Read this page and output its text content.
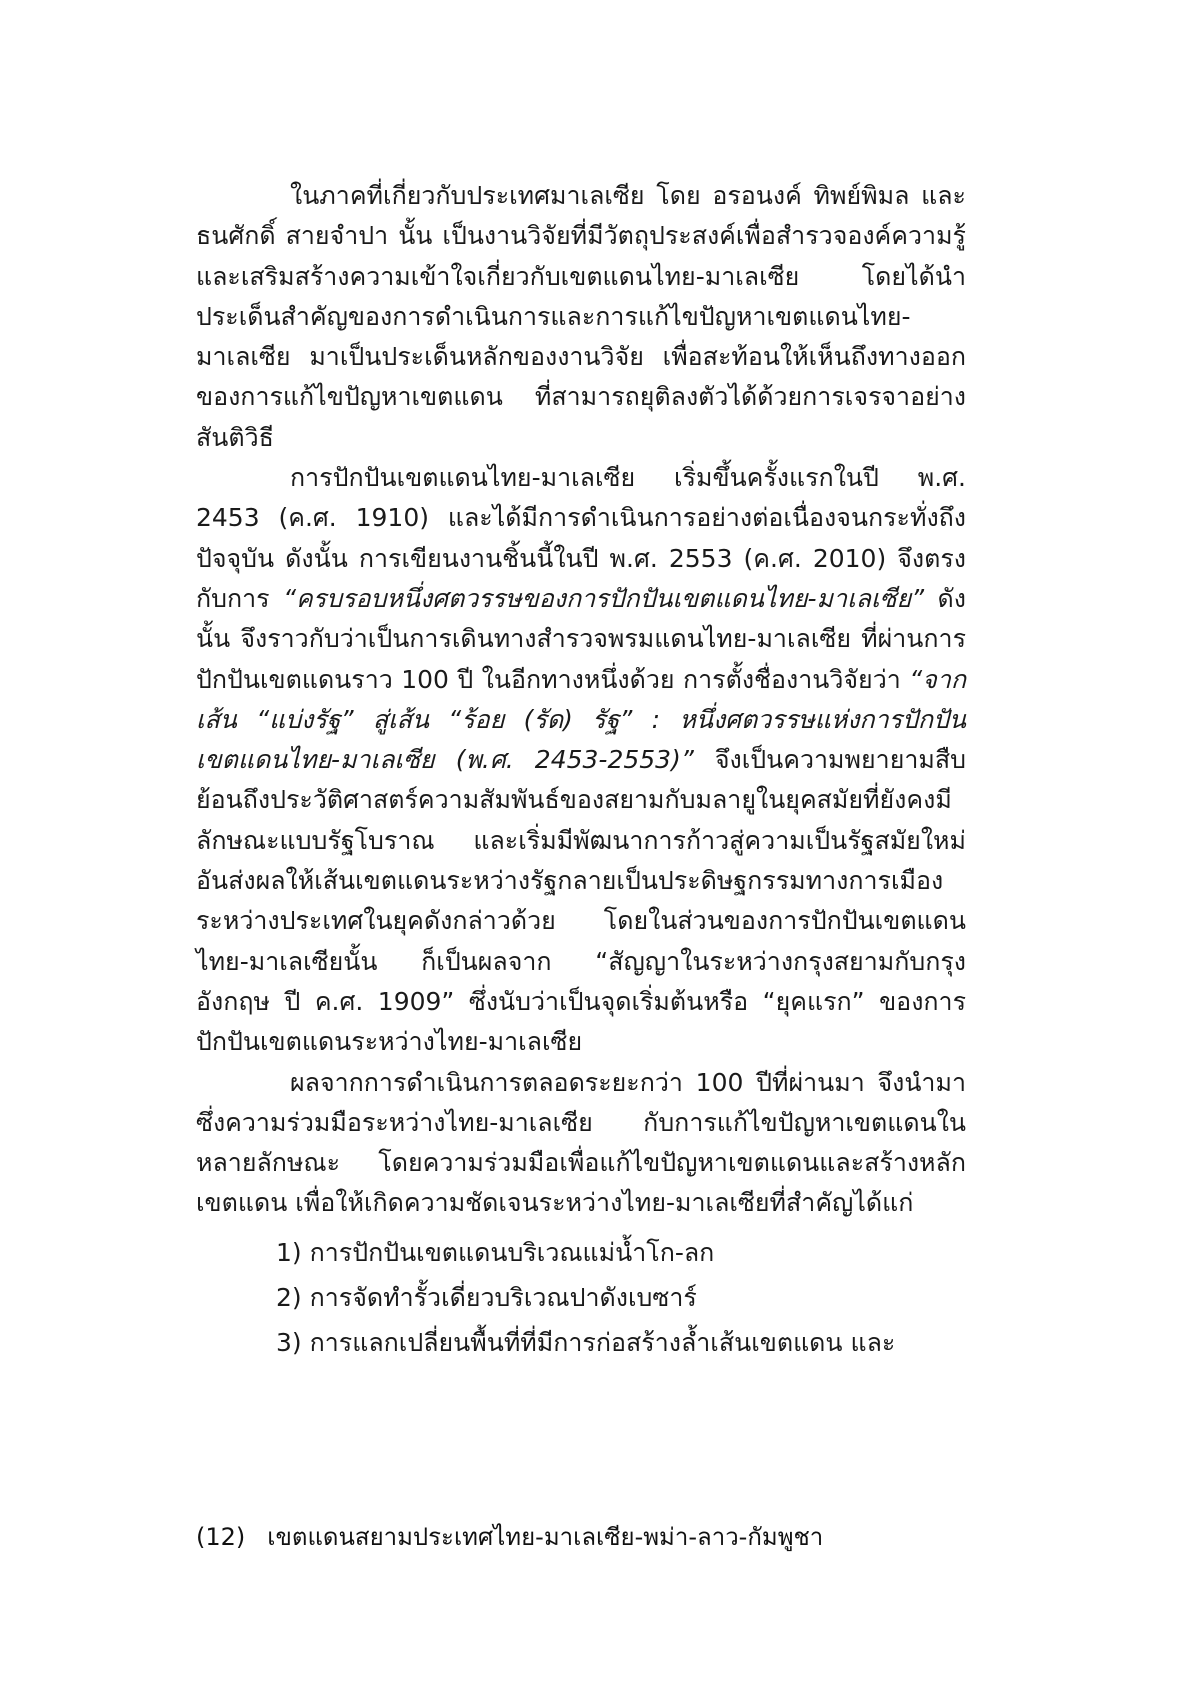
ในภาคที่เกี่ยวกับประเทศมาเลเซีย โดย อรอนงค์ ทิพย์พิมล และ ธนศักดิ์ สายจำปา นั้น เป็นงานวิจัยที่มีวัตถุประสงค์เพื่อสำรวจองค์ความรู้ และเสริมสร้างความเข้าใจเกี่ยวกับเขตแดนไทย-มาเลเซีย โดยได้นำประเด็นสำคัญของการดำเนินการและการแก้ไขปัญหาเขตแดนไทย-มาเลเซีย มาเป็นประเด็นหลักของงานวิจัย เพื่อสะท้อนให้เห็นถึงทางออกของการแก้ไขปัญหาเขตแดน ที่สามารถยุติลงตัวได้ด้วยการเจรจาอย่างสันติวิธี

การปักปันเขตแดนไทย-มาเลเซีย เริ่มขึ้นครั้งแรกในปี พ.ศ. 2453 (ค.ศ. 1910) และได้มีการดำเนินการอย่างต่อเนื่องจนกระทั่งถึงปัจจุบัน ดังนั้น การเขียนงานชิ้นนี้ในปี พ.ศ. 2553 (ค.ศ. 2010) จึงตรงกับการ “ครบรอบหนึ่งศตวรรษของการปักปันเขตแดนไทย-มาเลเซีย” ดังนั้น จึงราวกับว่าเป็นการเดินทางสำรวจพรมแดนไทย-มาเลเซีย ที่ผ่านการปักปันเขตแดนราว 100 ปี ในอีกทางหนึ่งด้วย การตั้งชื่องานวิจัยว่า “จากเส้น “แบ่งรัฐ” สู่เส้น “ร้อย (รัด) รัฐ” : หนึ่งศตวรรษแห่งการปักปันเขตแดนไทย-มาเลเซีย (พ.ศ. 2453-2553)” จึงเป็นความพยายามสืบย้อนถึงประวัติศาสตร์ความสัมพันธ์ของสยามกับมลายูในยุคสมัยที่ยังคงมีลักษณะแบบรัฐโบราณ และเริ่มมีพัฒนาการก้าวสู่ความเป็นรัฐสมัยใหม่ อันส่งผลให้เส้นเขตแดนระหว่างรัฐกลายเป็นประดิษฐกรรมทางการเมืองระหว่างประเทศในยุคดังกล่าวด้วย โดยในส่วนของการปักปันเขตแดนไทย-มาเลเซียนั้น ก็เป็นผลจาก “สัญญาในระหว่างกรุงสยามกับกรุงอังกฤษ ปี ค.ศ. 1909” ซึ่งนับว่าเป็นจุดเริ่มต้นหรือ “ยุคแรก” ของการปักปันเขตแดนระหว่างไทย-มาเลเซีย

ผลจากการดำเนินการตลอดระยะกว่า 100 ปีที่ผ่านมา จึงนำมาซึ่งความร่วมมือระหว่างไทย-มาเลเซีย กับการแก้ไขปัญหาเขตแดนในหลายลักษณะ โดยความร่วมมือเพื่อแก้ไขปัญหาเขตแดนและสร้างหลักเขตแดน เพื่อให้เกิดความชัดเจนระหว่างไทย-มาเลเซียที่สำคัญได้แก่

1) การปักปันเขตแดนบริเวณแม่น้ำโก-ลก
2) การจัดทำรั้วเดี่ยวบริเวณปาดังเบซาร์
3) การแลกเปลี่ยนพื้นที่ที่มีการก่อสร้างล้ำเส้นเขตแดน และ
(12) เขตแดนสยามประเทศไทย-มาเลเซีย-พม่า-ลาว-กัมพูชา
